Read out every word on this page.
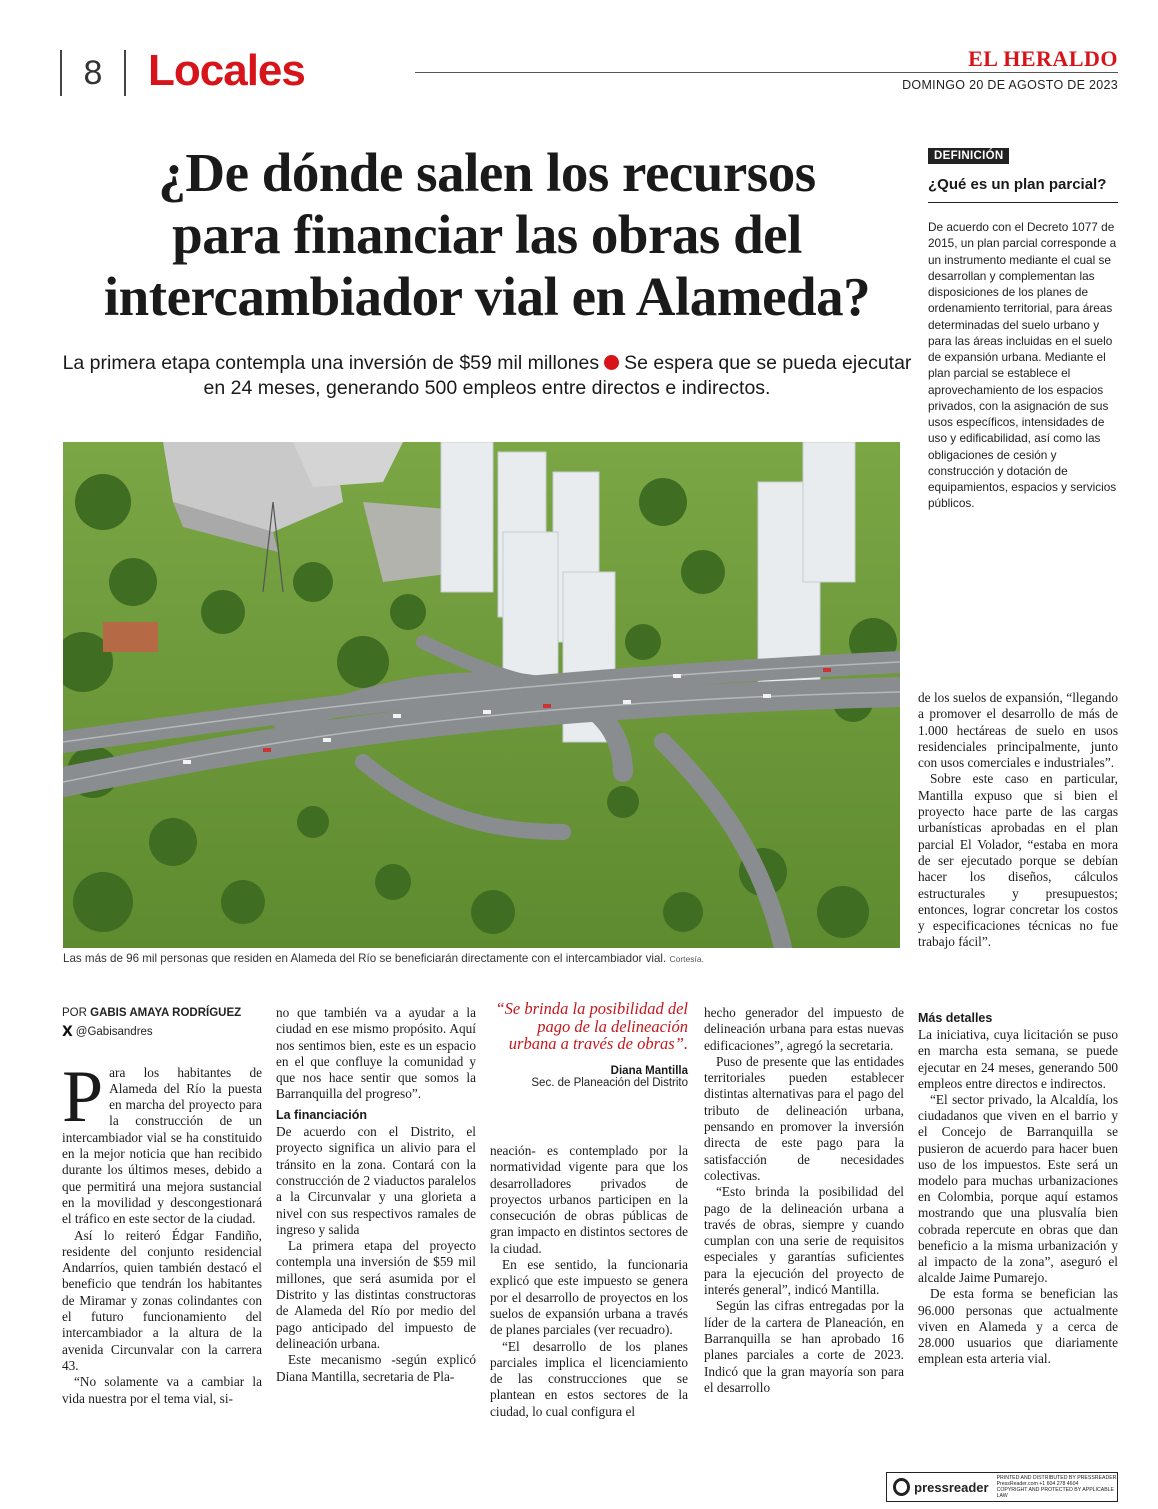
8	Locales	EL HERALDO
DOMINGO 20 DE AGOSTO DE 2023
¿De dónde salen los recursos
para financiar las obras del
intercambiador vial en Alameda?
La primera etapa contempla una inversión de $59 mil millones Se espera que se pueda ejecutar en 24 meses, generando 500 empleos entre directos e indirectos.
DEFINICIÓN
¿Qué es un plan parcial?
De acuerdo con el Decreto 1077 de 2015, un plan parcial corresponde a un instrumento mediante el cual se desarrollan y complementan las disposiciones de los planes de ordenamiento territorial, para áreas determinadas del suelo urbano y para las áreas incluidas en el suelo de expansión urbana. Mediante el plan parcial se establece el aprovechamiento de los espacios privados, con la asignación de sus usos específicos, intensidades de uso y edificabilidad, así como las obligaciones de cesión y construcción y dotación de equipamientos, espacios y servicios públicos.
Las más de 96 mil personas que residen en Alameda del Río se beneficiarán directamente con el intercambiador vial. Cortesía.
POR GABIS AMAYA RODRÍGUEZ
X @Gabisandres
P ara los habitantes de Alameda del Río la puesta en marcha del proyecto para la construcción de un intercambiador vial se ha constituido en la mejor noticia que han recibido durante los últimos meses, debido a que permitirá una mejora sustancial en la movilidad y descongestionará el tráfico en este sector de la ciudad.

Así lo reiteró Édgar Fandiño, residente del conjunto residencial Andarríos, quien también destacó el beneficio que tendrán los habitantes de Miramar y zonas colindantes con el futuro funcionamiento del intercambiador a la altura de la avenida Circunvalar con la carrera 43.

“No solamente va a cambiar la vida nuestra por el tema vial, si-

no que también va a ayudar a la ciudad en ese mismo propósito. Aquí nos sentimos bien, este es un espacio en el que confluye la comunidad y que nos hace sentir que somos la Barranquilla del progreso”.

La financiación

De acuerdo con el Distrito, el proyecto significa un alivio para el tránsito en la zona. Contará con la construcción de 2 viaductos paralelos a la Circunvalar y una glorieta a nivel con sus respectivos ramales de ingreso y salida

La primera etapa del proyecto contempla una inversión de $59 mil millones, que será asumida por el Distrito y las distintas constructoras de Alameda del Río por medio del pago anticipado del impuesto de delineación urbana.

Este mecanismo -según explicó Diana Mantilla, secretaria de Pla-

“Se brinda la posibilidad del pago de la delineación urbana a través de obras”.
Diana Mantilla
Sec. de Planeación del Distrito

neación- es contemplado por la normatividad vigente para que los desarrolladores privados de proyectos urbanos participen en la consecución de obras públicas de gran impacto en distintos sectores de la ciudad.

En ese sentido, la funcionaria explicó que este impuesto se genera por el desarrollo de proyectos en los suelos de expansión urbana a través de planes parciales (ver recuadro).

“El desarrollo de los planes parciales implica el licenciamiento de las construcciones que se plantean en estos sectores de la ciudad, lo cual configura el

hecho generador del impuesto de delineación urbana para estas nuevas edificaciones”, agregó la secretaria.

Puso de presente que las entidades territoriales pueden establecer distintas alternativas para el pago del tributo de delineación urbana, pensando en promover la inversión directa de este pago para la satisfacción de necesidades colectivas.

“Esto brinda la posibilidad del pago de la delineación urbana a través de obras, siempre y cuando cumplan con una serie de requisitos especiales y garantías suficientes para la ejecución del proyecto de interés general”, indicó Mantilla.

Según las cifras entregadas por la líder de la cartera de Planeación, en Barranquilla se han aprobado 16 planes parciales a corte de 2023. Indicó que la gran mayoría son para el desarrollo

de los suelos de expansión, “llegando a promover el desarrollo de más de 1.000 hectáreas de suelo en usos residenciales principalmente, junto con usos comerciales e industriales”.

Sobre este caso en particular, Mantilla expuso que si bien el proyecto hace parte de las cargas urbanísticas aprobadas en el plan parcial El Volador, “estaba en mora de ser ejecutado porque se debían hacer los diseños, cálculos estructurales y presupuestos; entonces, lograr concretar los costos y especificaciones técnicas no fue trabajo fácil”.

Más detalles

La iniciativa, cuya licitación se puso en marcha esta semana, se puede ejecutar en 24 meses, generando 500 empleos entre directos e indirectos.

“El sector privado, la Alcaldía, los ciudadanos que viven en el barrio y el Concejo de Barranquilla se pusieron de acuerdo para hacer buen uso de los impuestos. Este será un modelo para muchas urbanizaciones en Colombia, porque aquí estamos mostrando que una plusvalía bien cobrada repercute en obras que dan beneficio a la misma urbanización y al impacto de la zona”, aseguró el alcalde Jaime Pumarejo.

De esta forma se benefician las 96.000 personas que actualmente viven en Alameda y a cerca de 28.000 usuarios que diariamente emplean esta arteria vial.

pressreader
PRINTED AND DISTRIBUTED BY PRESSREADER
PressReader.com +1 604 278 4604
COPYRIGHT AND PROTECTED BY APPLICABLE LAW
